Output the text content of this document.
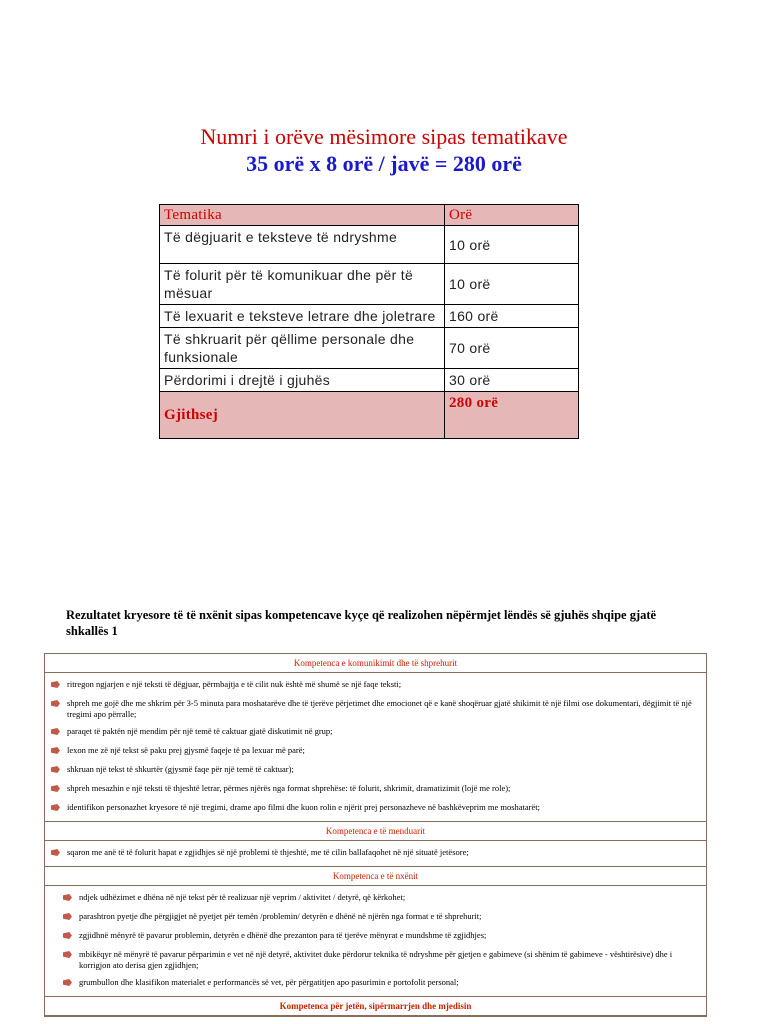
Numri i orëve mësimore sipas tematikave
35 orë x 8 orë / javë = 280 orë
Tematika	Orë
Të dëgjuarit e teksteve të ndryshme	10 orë
Të folurit për të komunikuar dhe për të mësuar	10 orë
Të lexuarit e teksteve letrare dhe joletrare	160 orë
Të shkruarit për qëllime personale dhe funksionale	70 orë
Përdorimi i drejtë i gjuhës	30 orë
Gjithsej	280 orë
Rezultatet kryesore të të nxënit sipas kompetencave kyçe që realizohen nëpërmjet lëndës së gjuhës shqipe gjatë shkallës 1
Kompetenca e komunikimit dhe të shprehurit
ritregon ngjarjen e një teksti të dëgjuar, përmbajtja e të cilit nuk është më shumë se një faqe teksti;
shpreh me gojë dhe me shkrim për 3-5 minuta para moshatarëve dhe të tjerëve përjetimet dhe emocionet që e kanë shoqëruar gjatë shikimit të një filmi ose dokumentari, dëgjimit të një tregimi apo përralle;
paraqet të paktën një mendim për një temë të caktuar gjatë diskutimit në grup;
lexon me zë një tekst së paku prej gjysmë faqeje të pa lexuar më parë;
shkruan një tekst të shkurtër (gjysmë faqe për një temë të caktuar);
shpreh mesazhin e një teksti të thjeshtë letrar, përmes njërës nga format shprehëse: të folurit, shkrimit, dramatizimit (lojë me role);
identifikon personazhet kryesore të një tregimi, drame apo filmi dhe kuon rolin e njërit prej personazheve në bashkëveprim me moshatarët;
Kompetenca e të menduarit
sqaron me anë të të folurit hapat e zgjidhjes së një problemi të thjeshtë, me të cilin ballafaqohet në një situatë jetësore;
Kompetenca e të nxënit
ndjek udhëzimet e dhëna në një tekst për të realizuar një veprim / aktivitet / detyrë, që kërkohet;
parashtron pyetje dhe përgjigjet në pyetjet për temën /problemin/ detyrën e dhënë në njërën nga format e të shprehurit;
zgjidhnë mënyrë të pavarur problemin, detyrën e dhënë dhe prezanton para të tjerëve mënyrat e mundshme të zgjidhjes;
mbikëqyr në mënyrë të pavarur përparimin e vet në një detyrë, aktivitet duke përdorur teknika të ndryshme për gjetjen e gabimeve (si shënim të gabimeve - vështirësive) dhe i korrigjon ato derisa gjen zgjidhjen;
grumbullon dhe klasifikon materialet e performancës së vet, për përgatitjen apo pasurimin e portofolit personal;
Kompetenca për jetën, sipërmarrjen dhe mjedisin
